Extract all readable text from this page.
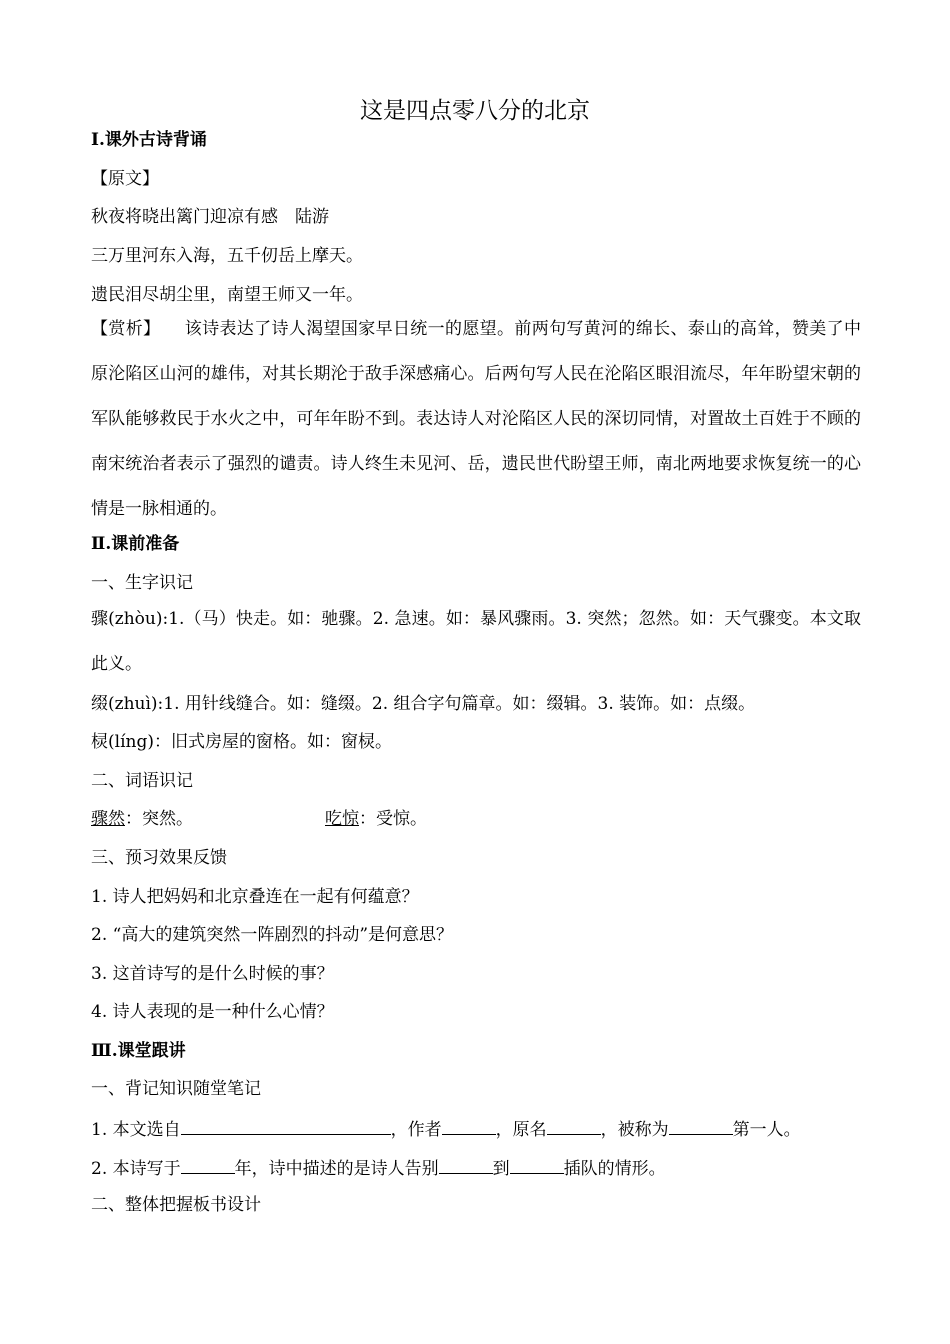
这是四点零八分的北京
Ⅰ.课外古诗背诵
【原文】
秋夜将晓出篱门迎凉有感　陆游
三万里河东入海，五千仞岳上摩天。
遗民泪尽胡尘里，南望王师又一年。
【赏析】 该诗表达了诗人渴望国家早日统一的愿望。前两句写黄河的绵长、泰山的高耸，赞美了中原沦陷区山河的雄伟，对其长期沦于敌手深感痛心。后两句写人民在沦陷区眼泪流尽，年年盼望宋朝的军队能够救民于水火之中，可年年盼不到。表达诗人对沦陷区人民的深切同情，对置故土百姓于不顾的南宋统治者表示了强烈的谴责。诗人终生未见河、岳，遗民世代盼望王师，南北两地要求恢复统一的心情是一脉相通的。
Ⅱ.课前准备
一、生字识记
骤(zhòu):1.（马）快走。如：驰骤。2. 急速。如：暴风骤雨。3. 突然；忽然。如：天气骤变。本文取此义。
缀(zhuì):1. 用针线缝合。如：缝缀。2. 组合字句篇章。如：缀辑。3. 装饰。如：点缀。
棂(líng)：旧式房屋的窗格。如：窗棂。
二、词语识记
骤然：突然。	吃惊：受惊。
三、预习效果反馈
1. 诗人把妈妈和北京叠连在一起有何蕴意？
2. “高大的建筑突然一阵剧烈的抖动”是何意思？
3. 这首诗写的是什么时候的事？
4. 诗人表现的是一种什么心情？
Ⅲ.课堂跟讲
一、背记知识随堂笔记
1. 本文选自	，作者	，原名	，被称为	第一人。
2. 本诗写于	年，诗中描述的是诗人告别	到	插队的情形。
二、整体把握板书设计
